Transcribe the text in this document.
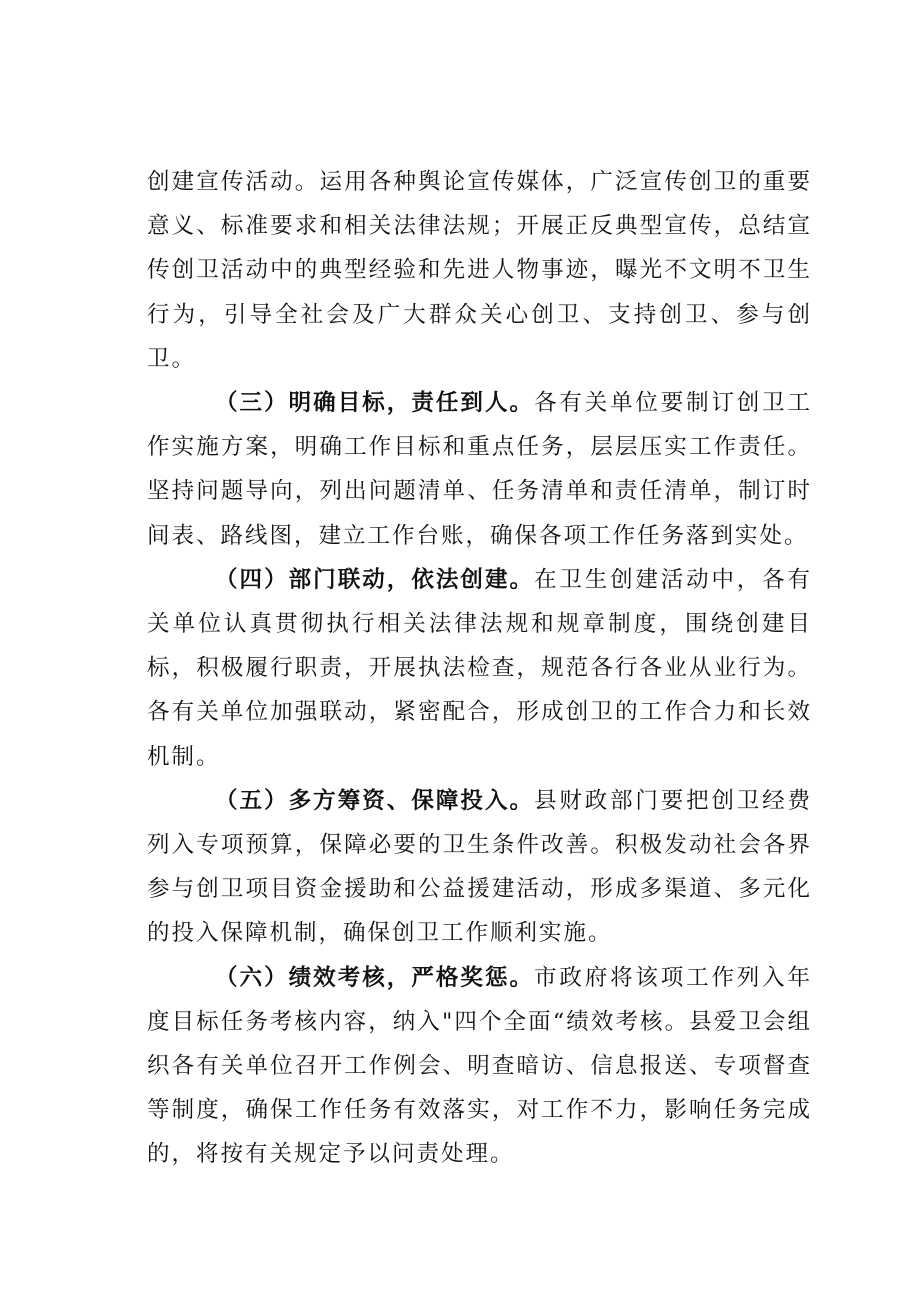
创建宣传活动。运用各种舆论宣传媒体，广泛宣传创卫的重要意义、标准要求和相关法律法规；开展正反典型宣传，总结宣传创卫活动中的典型经验和先进人物事迹，曝光不文明不卫生行为，引导全社会及广大群众关心创卫、支持创卫、参与创卫。

（三）明确目标，责任到人。各有关单位要制订创卫工作实施方案，明确工作目标和重点任务，层层压实工作责任。坚持问题导向，列出问题清单、任务清单和责任清单，制订时间表、路线图，建立工作台账，确保各项工作任务落到实处。

（四）部门联动，依法创建。在卫生创建活动中，各有关单位认真贯彻执行相关法律法规和规章制度，围绕创建目标，积极履行职责，开展执法检查，规范各行各业从业行为。各有关单位加强联动，紧密配合，形成创卫的工作合力和长效机制。

（五）多方筹资、保障投入。县财政部门要把创卫经费列入专项预算，保障必要的卫生条件改善。积极发动社会各界参与创卫项目资金援助和公益援建活动，形成多渠道、多元化的投入保障机制，确保创卫工作顺利实施。

（六）绩效考核，严格奖惩。市政府将该项工作列入年度目标任务考核内容，纳入"四个全面“绩效考核。县爱卫会组织各有关单位召开工作例会、明查暗访、信息报送、专项督查等制度，确保工作任务有效落实，对工作不力，影响任务完成的，将按有关规定予以问责处理。
